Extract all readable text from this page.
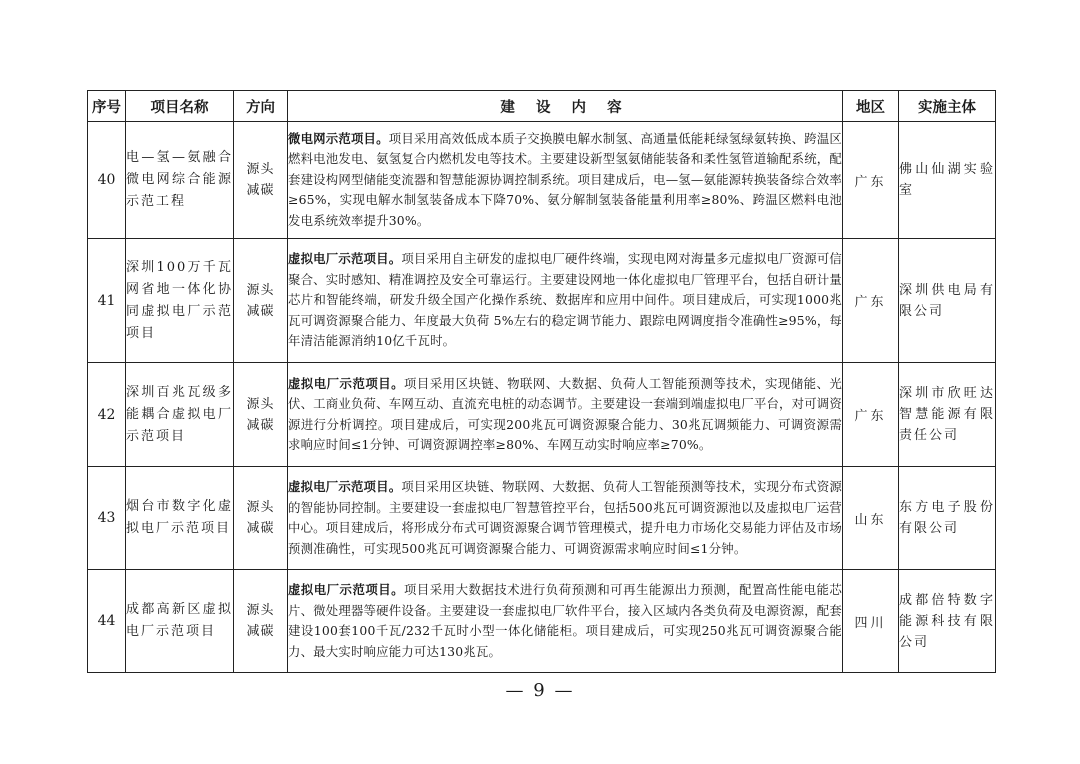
序号	项目名称	方向	建 设 内 容	地区	实施主体
40	电—氢—氨融合微电网综合能源示范工程	源头减碳	微电网示范项目。项目采用高效低成本质子交换膜电解水制氢、高通量低能耗绿氢绿氨转换、跨温区燃料电池发电、氨氢复合内燃机发电等技术。主要建设新型氢氨储能装备和柔性氢管道输配系统，配套建设构网型储能变流器和智慧能源协调控制系统。项目建成后，电—氢—氨能源转换装备综合效率≥65%，实现电解水制氢装备成本下降70%、氨分解制氢装备能量利用率≥80%、跨温区燃料电池发电系统效率提升30%。	广东	佛山仙湖实验室
41	深圳100万千瓦网省地一体化协同虚拟电厂示范项目	源头减碳	虚拟电厂示范项目。项目采用自主研发的虚拟电厂硬件终端，实现电网对海量多元虚拟电厂资源可信聚合、实时感知、精准调控及安全可靠运行。主要建设网地一体化虚拟电厂管理平台，包括自研计量芯片和智能终端，研发升级全国产化操作系统、数据库和应用中间件。项目建成后，可实现1000兆瓦可调资源聚合能力、年度最大负荷 5%左右的稳定调节能力、跟踪电网调度指令准确性≥95%，每年清洁能源消纳10亿千瓦时。	广东	深圳供电局有限公司
42	深圳百兆瓦级多能耦合虚拟电厂示范项目	源头减碳	虚拟电厂示范项目。项目采用区块链、物联网、大数据、负荷人工智能预测等技术，实现储能、光伏、工商业负荷、车网互动、直流充电桩的动态调节。主要建设一套端到端虚拟电厂平台，对可调资源进行分析调控。项目建成后，可实现200兆瓦可调资源聚合能力、30兆瓦调频能力、可调资源需求响应时间≤1分钟、可调资源调控率≥80%、车网互动实时响应率≥70%。	广东	深圳市欣旺达智慧能源有限责任公司
43	烟台市数字化虚拟电厂示范项目	源头减碳	虚拟电厂示范项目。项目采用区块链、物联网、大数据、负荷人工智能预测等技术，实现分布式资源的智能协同控制。主要建设一套虚拟电厂智慧管控平台，包括500兆瓦可调资源池以及虚拟电厂运营中心。项目建成后，将形成分布式可调资源聚合调节管理模式，提升电力市场化交易能力评估及市场预测准确性，可实现500兆瓦可调资源聚合能力、可调资源需求响应时间≤1分钟。	山东	东方电子股份有限公司
44	成都高新区虚拟电厂示范项目	源头减碳	虚拟电厂示范项目。项目采用大数据技术进行负荷预测和可再生能源出力预测，配置高性能电能芯片、微处理器等硬件设备。主要建设一套虚拟电厂软件平台，接入区域内各类负荷及电源资源，配套建设100套100千瓦/232千瓦时小型一体化储能柜。项目建成后，可实现250兆瓦可调资源聚合能力、最大实时响应能力可达130兆瓦。	四川	成都倍特数字能源科技有限公司
— 9 —
